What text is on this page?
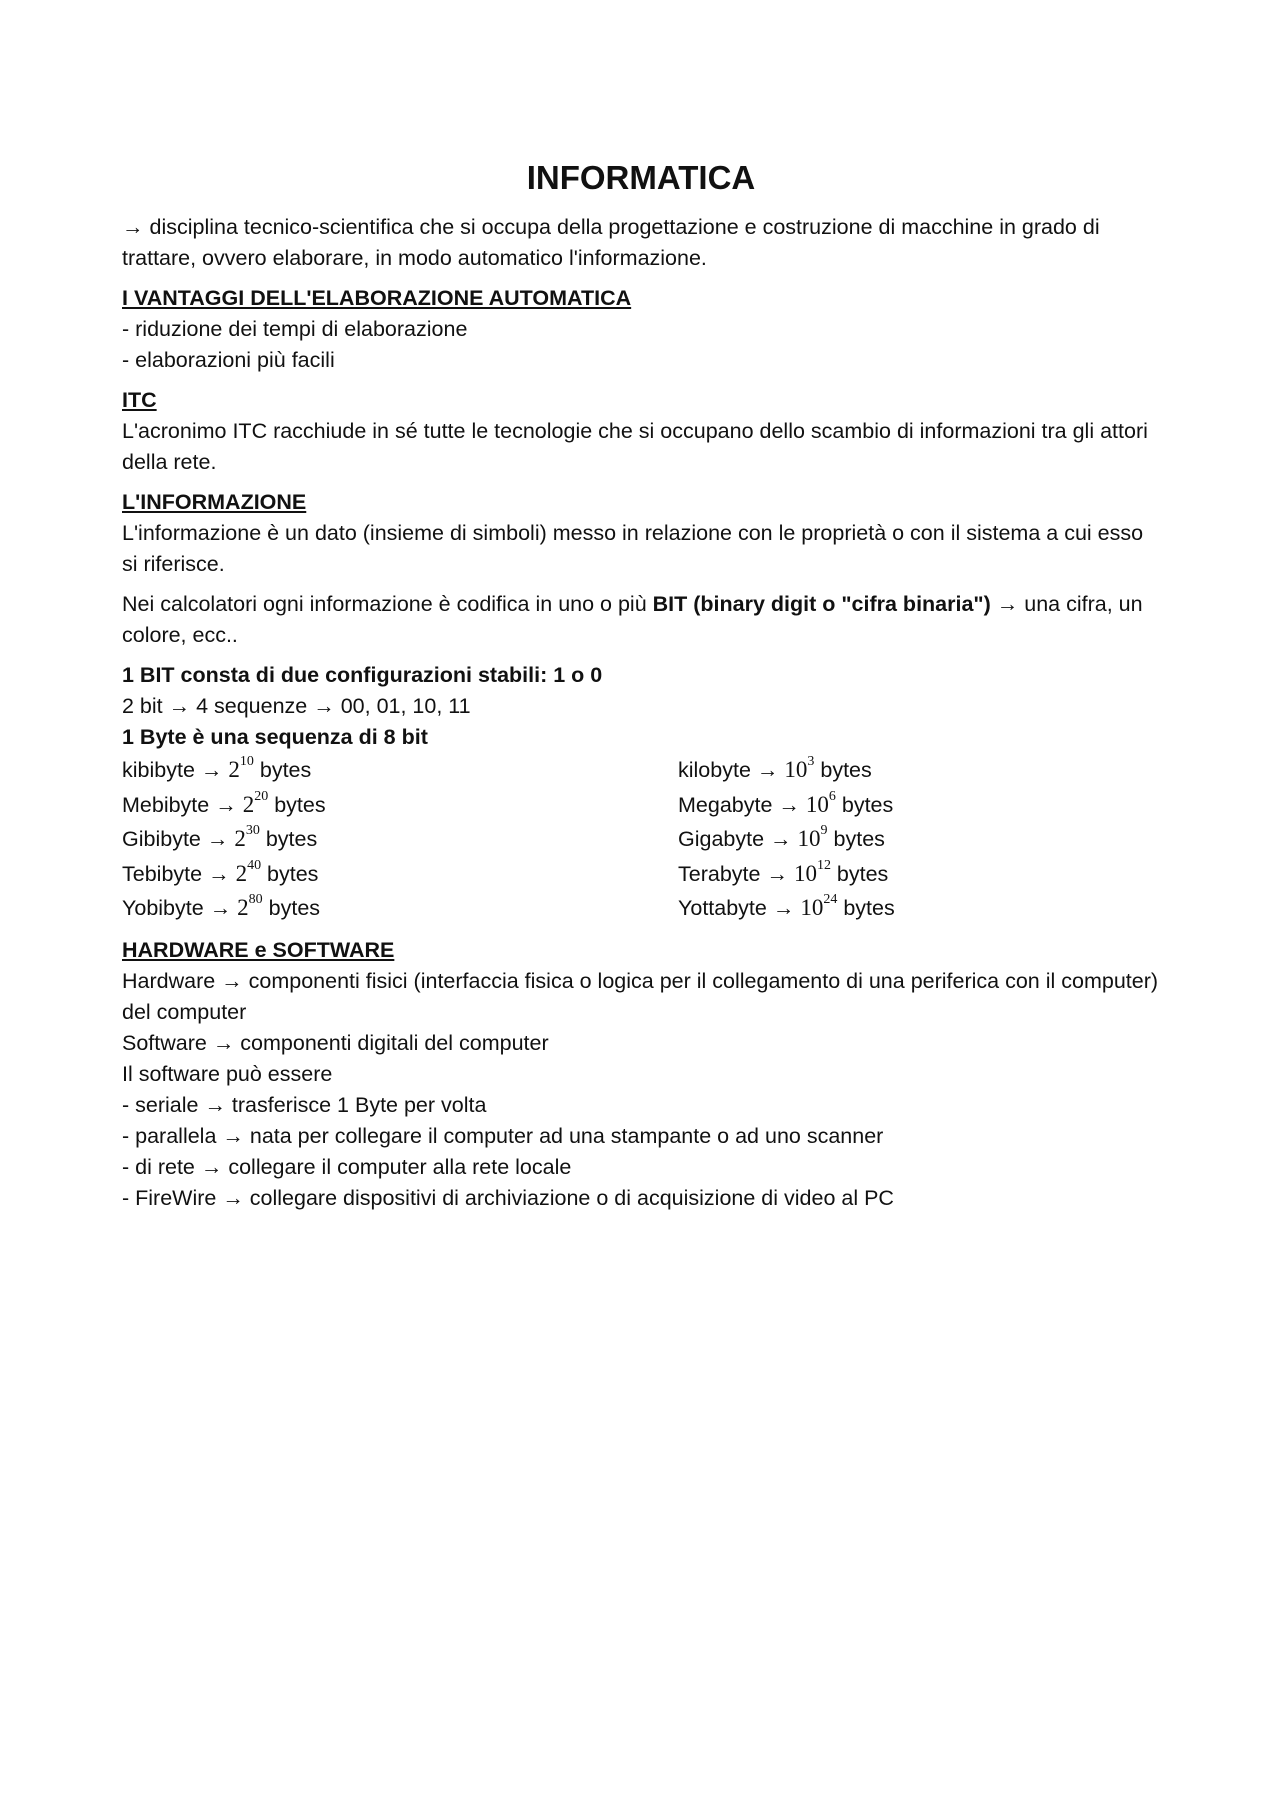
INFORMATICA

→ disciplina tecnico-scientifica che si occupa della progettazione e costruzione di macchine in grado di trattare, ovvero elaborare, in modo automatico l'informazione.

I VANTAGGI DELL'ELABORAZIONE AUTOMATICA
- riduzione dei tempi di elaborazione
- elaborazioni più facili
ITC
L'acronimo ITC racchiude in sé tutte le tecnologie che si occupano dello scambio di informazioni tra gli attori della rete.
L'INFORMAZIONE
L'informazione è un dato (insieme di simboli) messo in relazione con le proprietà o con il sistema a cui esso si riferisce.

Nei calcolatori ogni informazione è codifica in uno o più BIT (binary digit o "cifra binaria") → una cifra, un colore, ecc..

1 BIT consta di due configurazioni stabili: 1 o 0
2 bit → 4 sequenze → 00, 01, 10, 11
1 Byte è una sequenza di 8 bit
kibibyte → $2^{10}$ bytes	kilobyte → $10^3$ bytes
Mebibyte → $2^{20}$ bytes	Megabyte → $10^6$ bytes
Gibibyte → $2^{30}$ bytes	Gigabyte → $10^9$ bytes
Tebibyte → $2^{40}$ bytes	Terabyte → $10^{12}$ bytes
Yobibyte → $2^{80}$ bytes	Yottabyte → $10^{24}$ bytes
HARDWARE e SOFTWARE
Hardware → componenti fisici (interfaccia fisica o logica per il collegamento di una periferica con il computer) del computer
Software → componenti digitali del computer
Il software può essere
- seriale → trasferisce 1 Byte per volta
- parallela → nata per collegare il computer ad una stampante o ad uno scanner
- di rete → collegare il computer alla rete locale
- FireWire → collegare dispositivi di archiviazione o di acquisizione di video al PC
